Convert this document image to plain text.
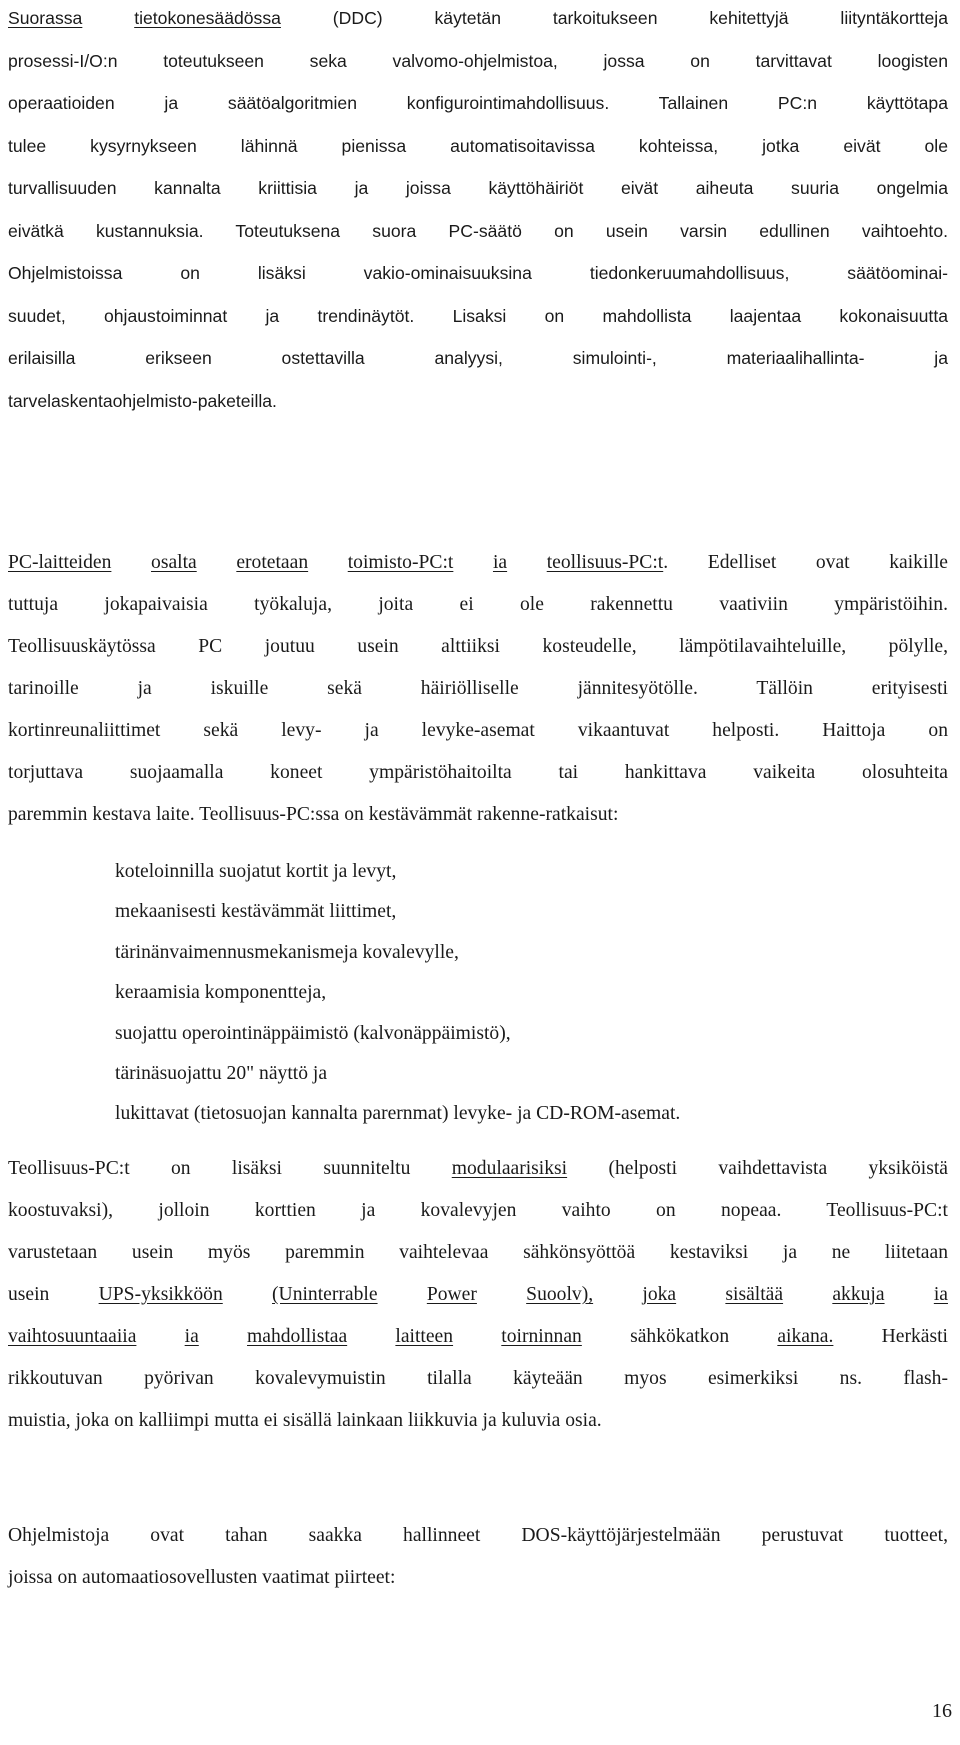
Suorassa	tietokonesäädössa (DDC) käytetän tarkoitukseen kehitettyjä liityntäkortteja
prosessi-I/O:n toteutukseen seka valvomo-ohjelmistoa, jossa on tarvittavat loogisten
operaatioiden ja säätöalgoritmien konfigurointimahdollisuus. Tallainen PC:n käyttötapa
tulee kysyrnykseen lähinnä pienissa automatisoitavissa kohteissa, jotka eivät ole
turvallisuuden kannalta kriittisia ja joissa käyttöhäiriöt eivät aiheuta suuria ongelmia
eivätkä kustannuksia. Toteutuksena suora PC-säätö on usein varsin edullinen vaihtoehto.
Ohjelmistoissa on lisäksi vakio-ominaisuuksina tiedonkeruumahdollisuus, säätöominai-
suudet, ohjaustoiminnat ja trendinäytöt. Lisaksi on mahdollista laajentaa kokonaisuutta
erilaisilla erikseen ostettavilla analyysi, simulointi-, materiaalihallinta- ja
tarvelaskentaohjelmisto-paketeilla.
PC-laitteiden osalta erotetaan toimisto-PC:t ia teollisuus-PC:t. Edelliset ovat kaikille
tuttuja jokapaivaisia työkaluja, joita ei ole rakennettu vaativiin ympäristöihin.
Teollisuuskäytössa PC joutuu usein alttiiksi kosteudelle, lämpötilavaihteluille, pölylle,
tarinoille ja iskuille sekä häiriölliselle jännitesyötölle. Tällöin erityisesti
kortinreunaliittimet sekä levy- ja levyke-asemat vikaantuvat helposti. Haittoja on
torjuttava suojaamalla koneet ympäristöhaitoilta tai hankittava vaikeita olosuhteita
paremmin kestava laite. Teollisuus-PC:ssa on kestävämmät rakenne-ratkaisut:
koteloinnilla suojatut kortit ja levyt,
mekaanisesti kestävämmät liittimet,
tärinänvaimennusmekanismeja kovalevylle,
keraamisia komponentteja,
suojattu operointinäppäimistö (kalvonäppäimistö),
tärinäsuojattu 20" näyttö ja
lukittavat (tietosuojan kannalta parernmat) levyke- ja CD-ROM-asemat.
Teollisuus-PC:t on lisäksi suunniteltu modulaarisiksi (helposti vaihdettavista yksiköistä
koostuvaksi), jolloin korttien ja kovalevyjen vaihto on nopeaa. Teollisuus-PC:t
varustetaan usein myös paremmin vaihtelevaa sähkönsyöttöä kestaviksi ja ne liitetaan
usein UPS-yksikköön	(Uninterrable	Power	Suoolv),	joka	sisältää	akkuja	ia
vaihtosuuntaaiia ia mahdollistaa laitteen toirninnan sähkökatkon aikana. Herkästi
rikkoutuvan pyörivan kovalevymuistin tilalla käyteään myos esimerkiksi ns. flash-
muistia, joka on kalliimpi mutta ei sisällä lainkaan liikkuvia ja kuluvia osia.
Ohjelmistoja ovat tahan saakka hallinneet DOS-käyttöjärjestelmään perustuvat tuotteet,
joissa on automaatiosovellusten vaatimat piirteet:
16
